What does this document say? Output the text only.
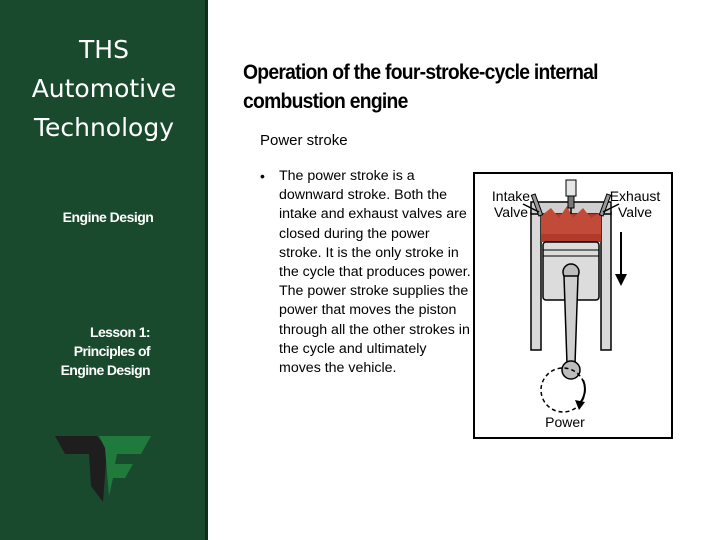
THS
Automotive
Technology
Engine Design
Lesson 1:
Principles of
Engine Design
Operation of the four-stroke-cycle internal combustion engine
Power stroke
• The power stroke is a downward stroke. Both the intake and exhaust valves are closed during the power stroke. It is the only stroke in the cycle that produces power. The power stroke supplies the power that moves the piston through all the other strokes in the cycle and ultimately moves the vehicle.
Intake
Valve
Exhaust
Valve
Power
